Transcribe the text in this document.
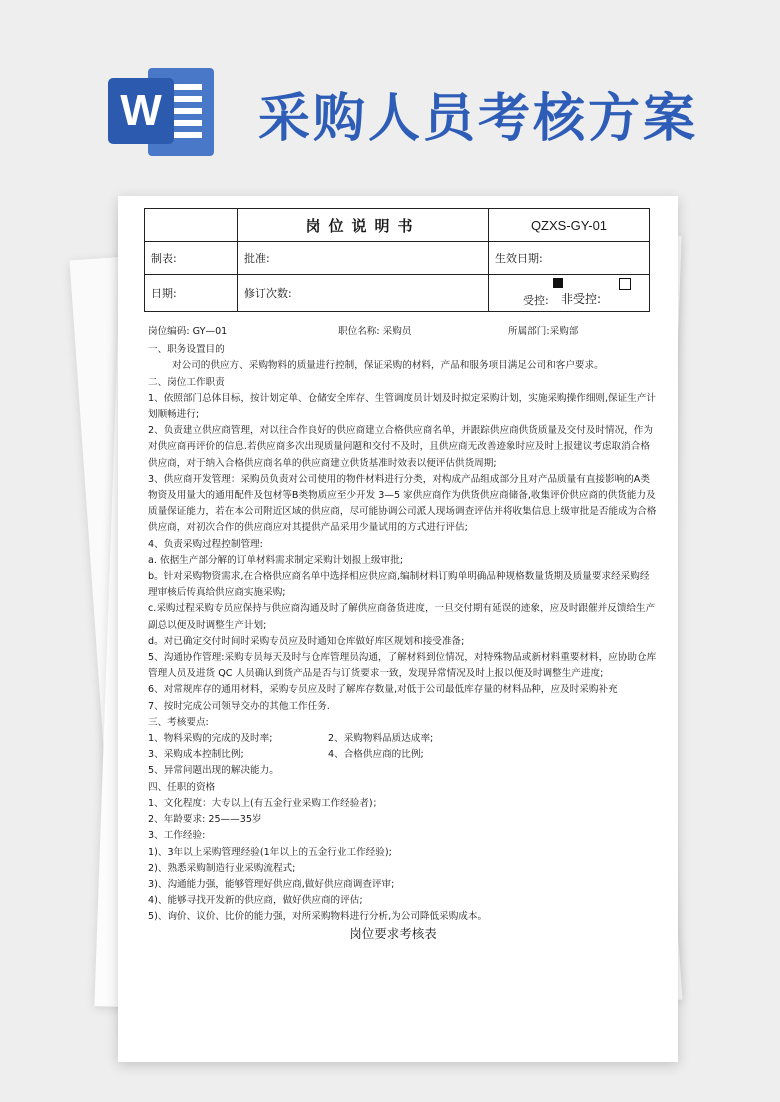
W 采购人员考核方案
	岗位说明书	QZXS-GY-01
制表:	批准:	生效日期:
日期:	修订次数:	受控: 非受控:
岗位编码: GY—01	职位名称: 采购员	所属部门:采购部

一、职务设置目的

对公司的供应方、采购物料的质量进行控制，保证采购的材料，产品和服务项目满足公司和客户要求。

二、岗位工作职责

1、依照部门总体目标，按计划定单、仓储安全库存、生管调度员计划及时拟定采购计划，实施采购操作细则,保证生产计划顺畅进行;

2、负责建立供应商管理，对以往合作良好的供应商建立合格供应商名单，并跟踪供应商供货质量及交付及时情况，作为对供应商再评价的信息.若供应商多次出现质量问题和交付不及时，且供应商无改善迹象时应及时上报建议考虑取消合格供应商，对于纳入合格供应商名单的供应商建立供货基准时效表以便评估供货周期;

3、供应商开发管理：采购员负责对公司使用的物件材料进行分类，对构成产品组成部分且对产品质量有直接影响的A类物资及用量大的通用配件及包材等B类物质应至少开发 3—5 家供应商作为供货供应商储备,收集评价供应商的供货能力及质量保证能力，若在本公司附近区域的供应商，尽可能协调公司派人现场调查评估并将收集信息上级审批是否能成为合格供应商，对初次合作的供应商应对其提供产品采用少量试用的方式进行评估;

4、负责采购过程控制管理:

a. 依据生产部分解的订单材料需求制定采购计划报上级审批;

b。针对采购物资需求,在合格供应商名单中选择相应供应商,编制材料订购单明确品种规格数量货期及质量要求经采购经理审核后传真给供应商实施采购;

c.采购过程采购专员应保持与供应商沟通及时了解供应商备货进度，一旦交付期有延误的迹象，应及时跟催并反馈给生产副总以便及时调整生产计划;

d。对已确定交付时间时采购专员应及时通知仓库做好库区规划和接受准备;

5、沟通协作管理:采购专员每天及时与仓库管理员沟通，了解材料到位情况，对特殊物品或新材料重要材料，应协助仓库管理人员及进货 QC 人员确认到货产品是否与订货要求一致，发现异常情况及时上报以便及时调整生产进度;

6、对常规库存的通用材料，采购专员应及时了解库存数量,对低于公司最低库存量的材料品种，应及时采购补充

7、按时完成公司领导交办的其他工作任务.

三、考核要点:

1、物料采购的完成的及时率;	2、采购物料品质达成率;
3、采购成本控制比例;	4、合格供应商的比例;

5、异常问题出现的解决能力。

四、任职的资格

1、文化程度：大专以上(有五金行业采购工作经验者)；

2、年龄要求: 25——35岁

3、工作经验:

1)、3年以上采购管理经验(1年以上的五金行业工作经验);

2)、熟悉采购制造行业采购流程式;

3)、沟通能力强，能够管理好供应商,做好供应商调查评审;

4)、能够寻找开发新的供应商，做好供应商的评估;

5)、询价、议价、比价的能力强，对所采购物料进行分析,为公司降低采购成本。

岗位要求考核表
